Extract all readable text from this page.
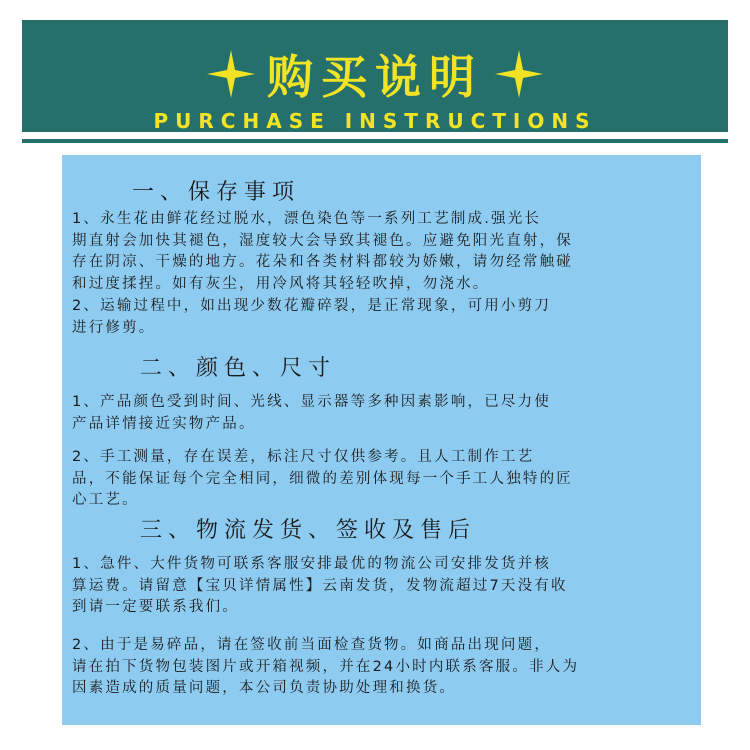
购买说明
PURCHASE INSTRUCTIONS
一、保存事项
1、永生花由鲜花经过脱水，漂色染色等一系列工艺制成.强光长
期直射会加快其褪色，湿度较大会导致其褪色。应避免阳光直射，保
存在阴凉、干燥的地方。花朵和各类材料都较为娇嫩，请勿经常触碰
和过度揉捏。如有灰尘，用冷风将其轻轻吹掉，勿浇水。
2、运输过程中，如出现少数花瓣碎裂，是正常现象，可用小剪刀
进行修剪。
二、颜色、尺寸
1、产品颜色受到时间、光线、显示器等多种因素影响，已尽力使
产品详情接近实物产品。
2、手工测量，存在误差，标注尺寸仅供参考。且人工制作工艺
品，不能保证每个完全相同，细微的差别体现每一个手工人独特的匠
心工艺。
三、物流发货、签收及售后
1、急件、大件货物可联系客服安排最优的物流公司安排发货并核
算运费。请留意【宝贝详情属性】云南发货，发物流超过7天没有收
到请一定要联系我们。
2、由于是易碎品，请在签收前当面检查货物。如商品出现问题，
请在拍下货物包装图片或开箱视频，并在24小时内联系客服。非人为
因素造成的质量问题，本公司负责协助处理和换货。
